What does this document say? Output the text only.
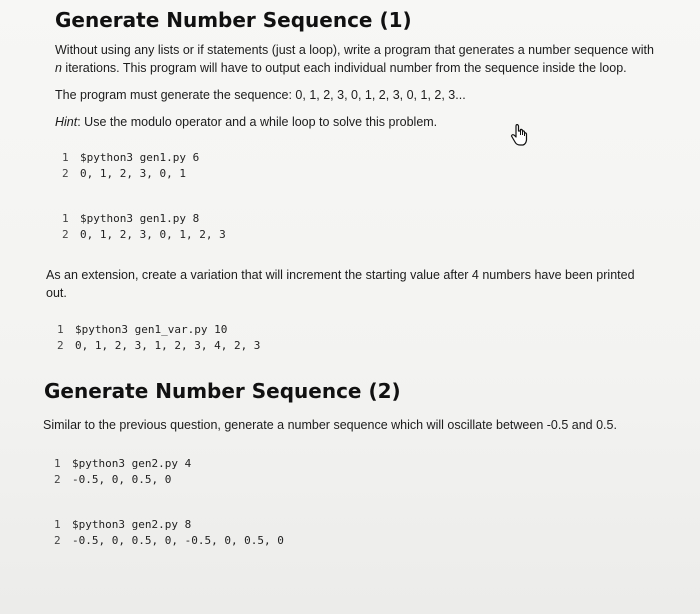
Generate Number Sequence (1)

Without using any lists or if statements (just a loop), write a program that generates a number sequence with
n iterations. This program will have to output each individual number from the sequence inside the loop.

The program must generate the sequence: 0, 1, 2, 3, 0, 1, 2, 3, 0, 1, 2, 3...

Hint: Use the modulo operator and a while loop to solve this problem.

1 $python3 gen1.py 6
2 0, 1, 2, 3, 0, 1
1 $python3 gen1.py 8
2 0, 1, 2, 3, 0, 1, 2, 3

As an extension, create a variation that will increment the starting value after 4 numbers have been printed
out.

1 $python3 gen1_var.py 10
2 0, 1, 2, 3, 1, 2, 3, 4, 2, 3
Generate Number Sequence (2)

Similar to the previous question, generate a number sequence which will oscillate between -0.5 and 0.5.

1 $python3 gen2.py 4
2 -0.5, 0, 0.5, 0
1 $python3 gen2.py 8
2 -0.5, 0, 0.5, 0, -0.5, 0, 0.5, 0
